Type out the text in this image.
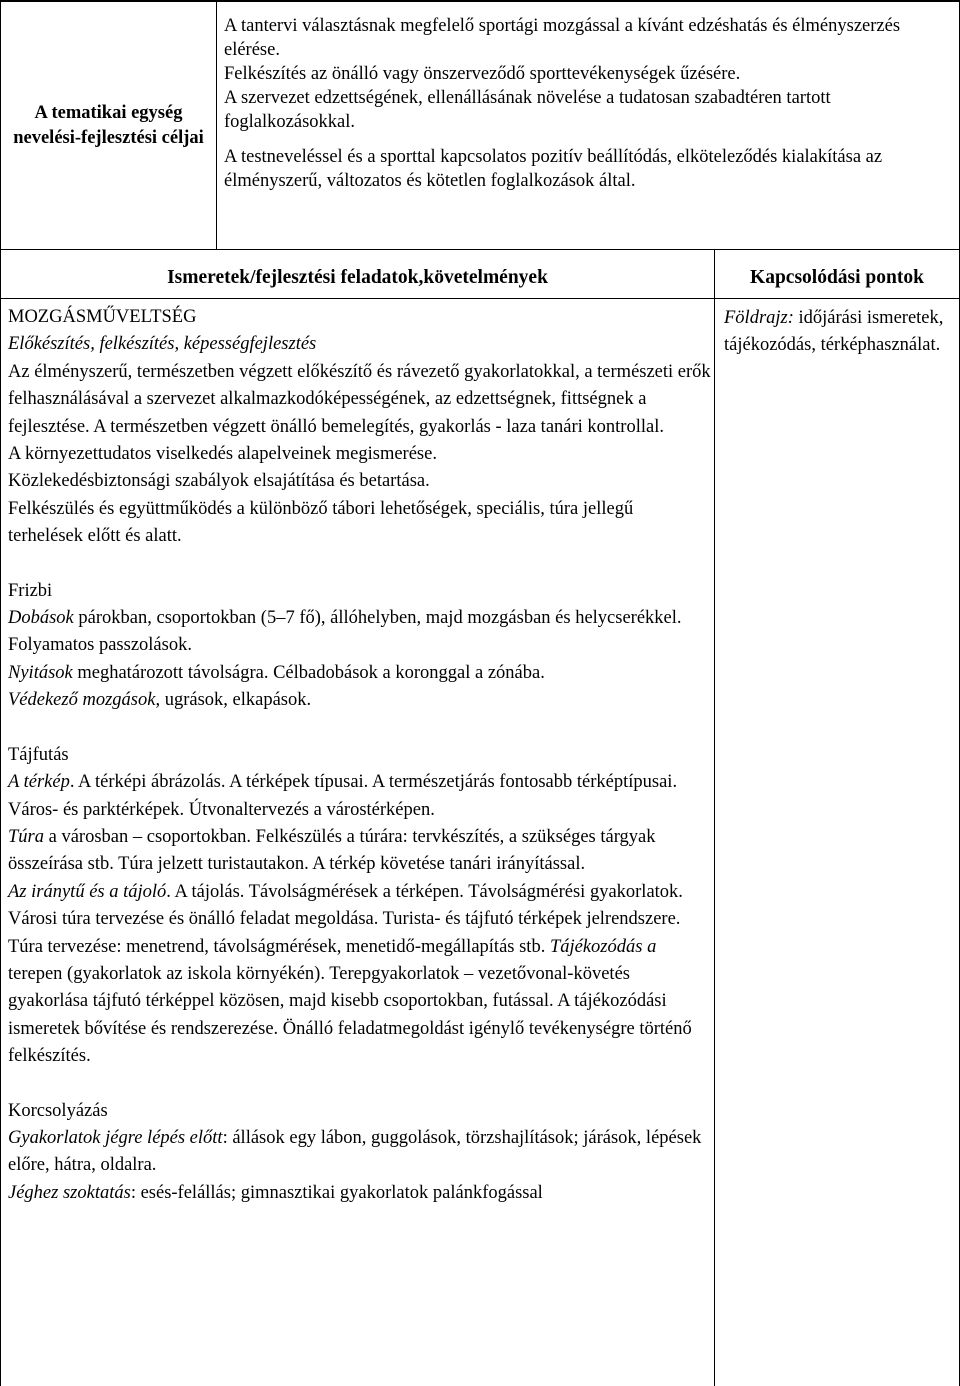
A tematikai egység nevelési-fejlesztési céljai

A tantervi választásnak megfelelő sportági mozgással a kívánt edzéshatás és élményszerzés elérése.

Felkészítés az önálló vagy önszerveződő sporttevékenységek űzésére.

A szervezet edzettségének, ellenállásának növelése a tudatosan szabadtéren tartott foglalkozásokkal.

A testneveléssel és a sporttal kapcsolatos pozitív beállítódás, elköteleződés kialakítása az élményszerű, változatos és kötetlen foglalkozások által.

Ismeretek/fejlesztési feladatok,követelmények	Kapcsolódási pontok

MOZGÁSMŰVELTSÉG

Előkészítés, felkészítés, képességfejlesztés

Az élményszerű, természetben végzett előkészítő és rávezető gyakorlatokkal, a természeti erők felhasználásával a szervezet alkalmazkodóképességének, az edzettségnek, fittségnek a fejlesztése. A természetben végzett önálló bemelegítés, gyakorlás - laza tanári kontrollal.

A környezettudatos viselkedés alapelveinek megismerése.

Közlekedésbiztonsági szabályok elsajátítása és betartása.

Felkészülés és együttműködés a különböző tábori lehetőségek, speciális, túra jellegű terhelések előtt és alatt.

Frizbi

Dobások párokban, csoportokban (5–7 fő), állóhelyben, majd mozgásban és helycserékkel. Folyamatos passzolások.

Nyitások meghatározott távolságra. Célbadobások a koronggal a zónába.

Védekező mozgások, ugrások, elkapások.

Tájfutás

A térkép. A térképi ábrázolás. A térképek típusai. A természetjárás fontosabb térképtípusai. Város- és parktérképek. Útvonaltervezés a várostérképen.

Túra a városban – csoportokban. Felkészülés a túrára: tervkészítés, a szükséges tárgyak összeírása stb. Túra jelzett turistautakon. A térkép követése tanári irányítással.

Az iránytű és a tájoló. A tájolás. Távolságmérések a térképen. Távolságmérési gyakorlatok. Városi túra tervezése és önálló feladat megoldása. Turista- és tájfutó térképek jelrendszere. Túra tervezése: menetrend, távolságmérések, menetidő-megállapítás stb. Tájékozódás a terepen (gyakorlatok az iskola környékén). Terepgyakorlatok – vezetővonal-követés gyakorlása tájfutó térképpel közösen, majd kisebb csoportokban, futással. A tájékozódási ismeretek bővítése és rendszerezése. Önálló feladatmegoldást igénylő tevékenységre történő felkészítés.

Korcsolyázás

Gyakorlatok jégre lépés előtt: állások egy lábon, guggolások, törzshajlítások; járások, lépések előre, hátra, oldalra.

Jéghez szoktatás: esés-felállás; gimnasztikai gyakorlatok palánkfogással

Földrajz: időjárási ismeretek, tájékozódás, térképhasználat.
